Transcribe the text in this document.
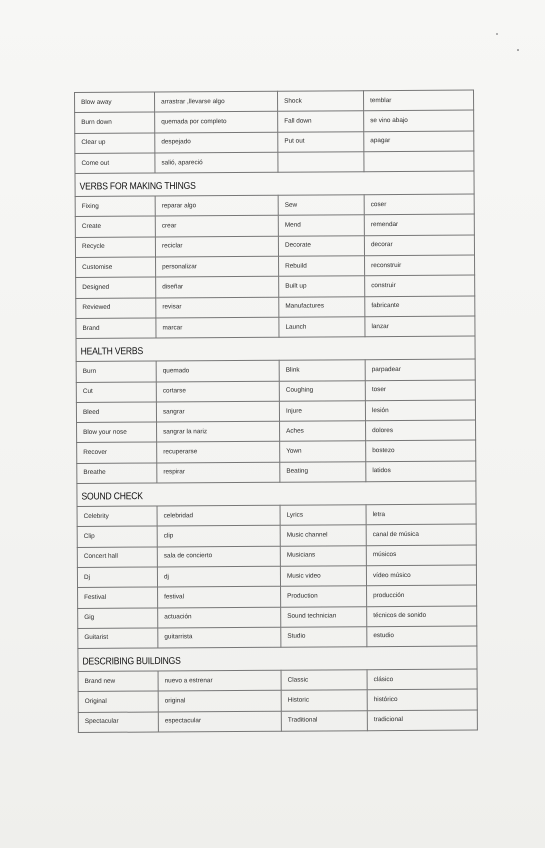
Blow away	arrastrar ,llevarse algo	Shock	temblar
Burn down	quemada por completo	Fall down	se vino abajo
Clear up	despejado	Put out	apagar
Come out	salió, apareció		
VERBS FOR MAKING THINGS			
Fixing	reparar algo	Sew	coser
Create	crear	Mend	remendar
Recycle	reciclar	Decorate	decorar
Customise	personalizar	Rebuild	reconstruir
Designed	diseñar	Built up	construir
Reviewed	revisar	Manufactures	fabricante
Brand	marcar	Launch	lanzar
HEALTH VERBS			
Burn	quemado	Blink	parpadear
Cut	cortarse	Coughing	toser
Bleed	sangrar	Injure	lesión
Blow your nose	sangrar la nariz	Aches	dolores
Recover	recuperarse	Yown	bostezo
Breathe	respirar	Beating	latidos
SOUND CHECK			
Celebrity	celebridad	Lyrics	letra
Clip	clip	Music channel	canal de música
Concert hall	sala de concierto	Musicians	músicos
Dj	dj	Music video	vídeo músico
Festival	festival	Production	producción
Gig	actuación	Sound technician	técnicos de sonido
Guitarist	guitarrista	Studio	estudio
DESCRIBING BUILDINGS			
Brand new	nuevo a estrenar	Classic	clásico
Original	original	Historic	histórico
Spectacular	espectacular	Traditional	tradicional
